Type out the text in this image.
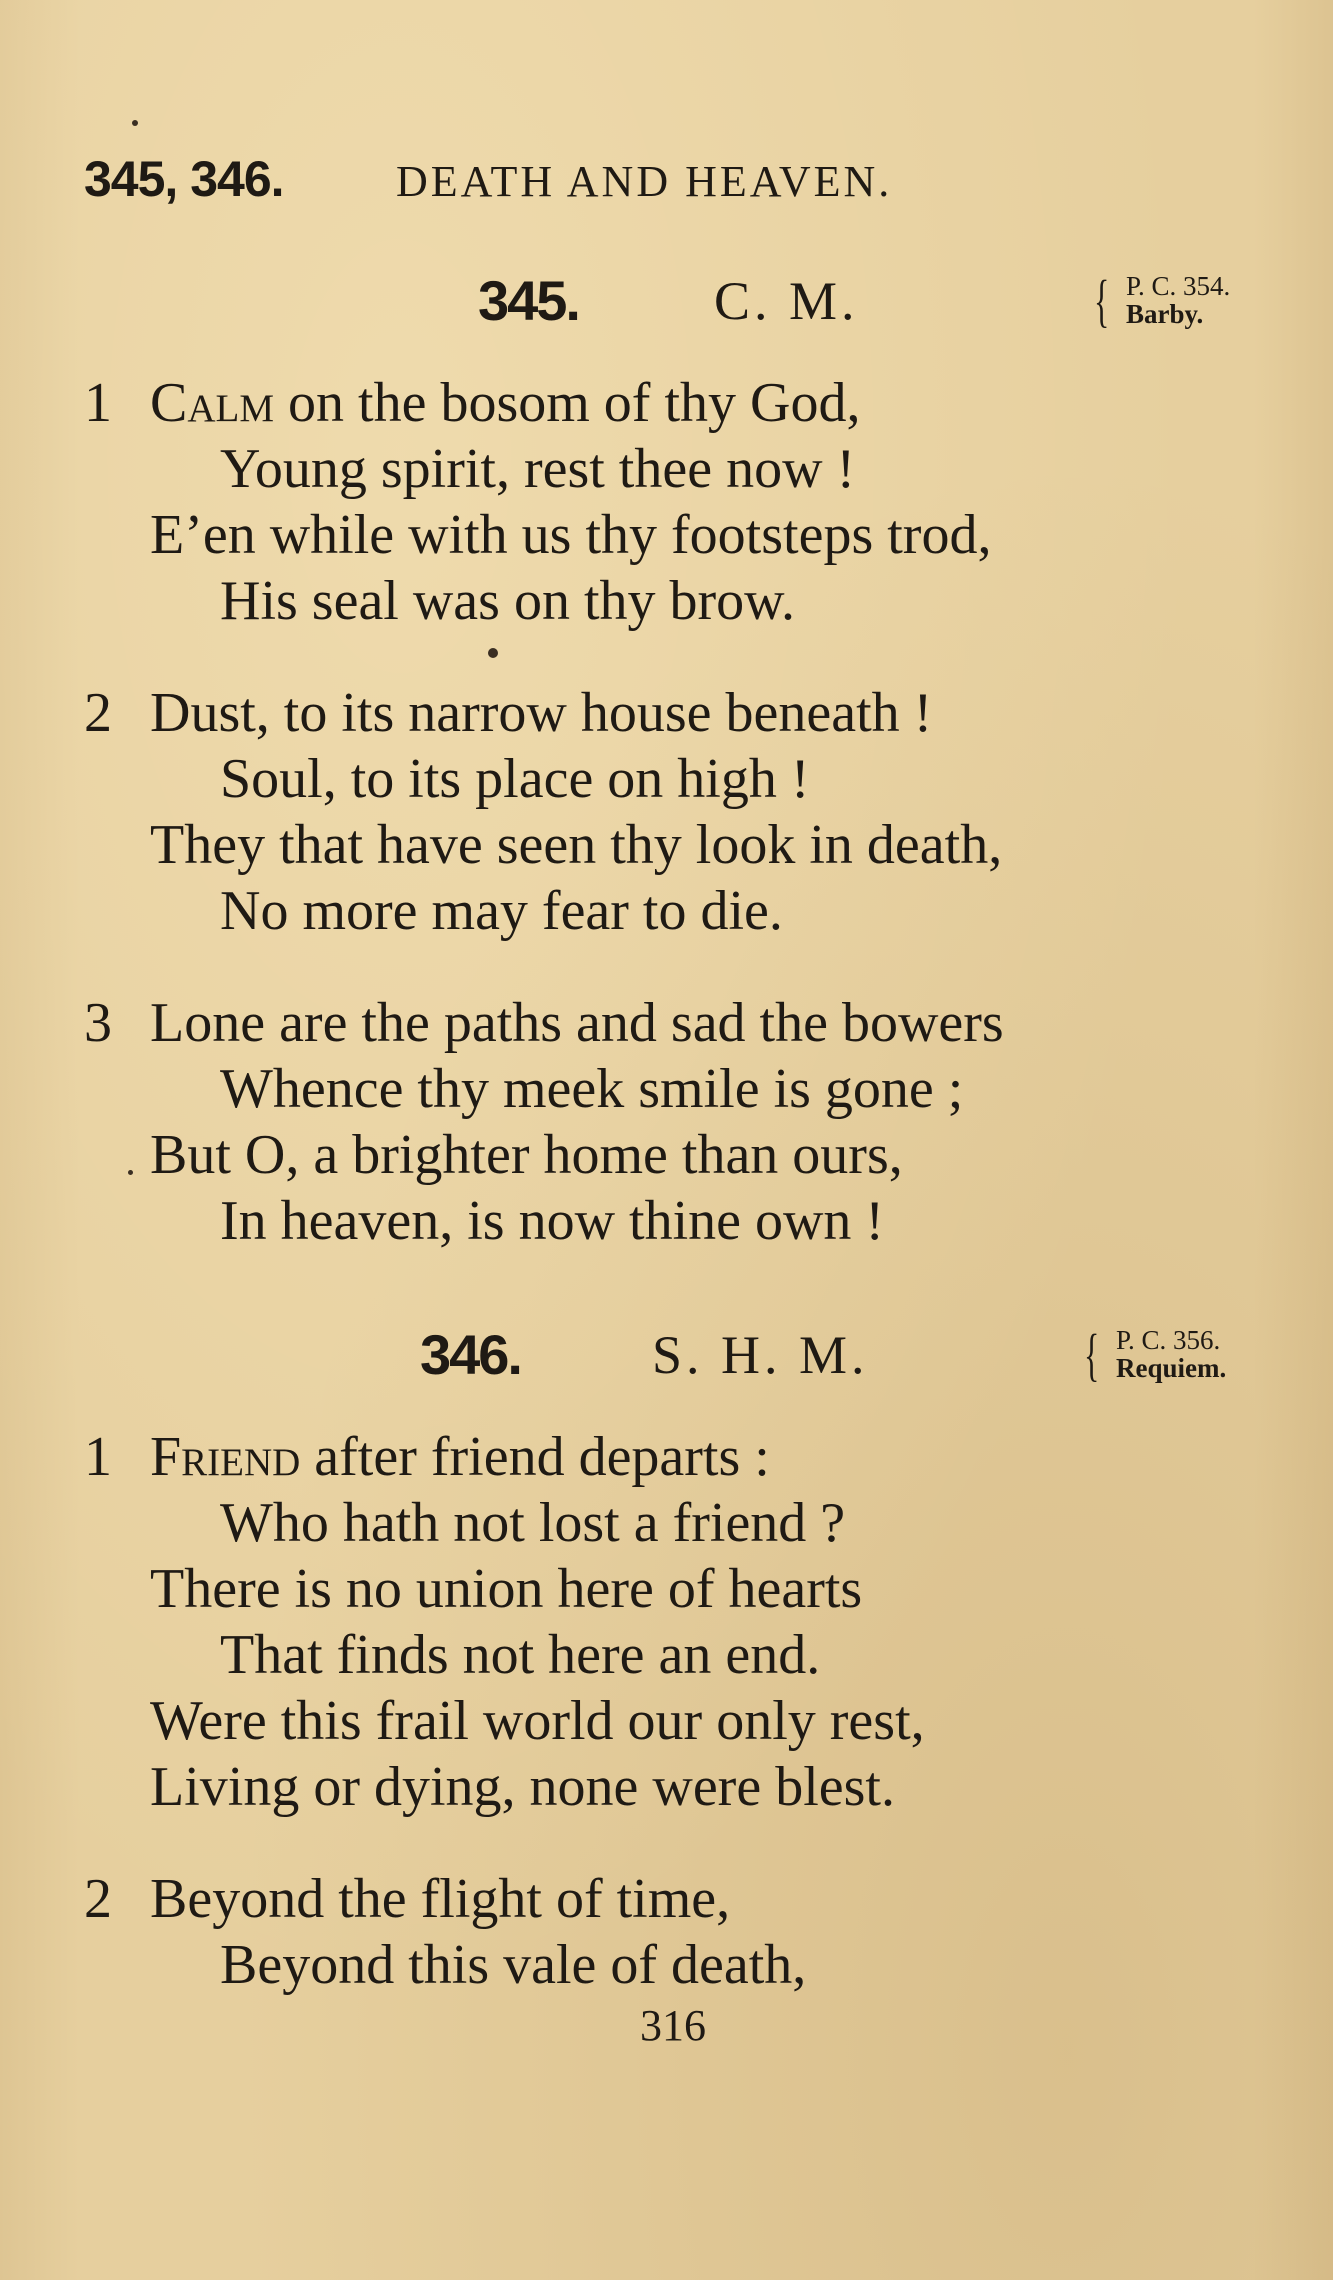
345, 346.	DEATH AND HEAVEN.
345.	C. M.	{ P. C. 354.
Barby.
1 Calm on the bosom of thy God,
Young spirit, rest thee now !
E’en while with us thy footsteps trod,
His seal was on thy brow.
2 Dust, to its narrow house beneath !
Soul, to its place on high !
They that have seen thy look in death,
No more may fear to die.
3 Lone are the paths and sad the bowers
Whence thy meek smile is gone ;
But O, a brighter home than ours,
In heaven, is now thine own !
346. S. H. M.	{ P. C. 356.
Requiem.
1 Friend after friend departs :
Who hath not lost a friend ?
There is no union here of hearts
That finds not here an end.
Were this frail world our only rest,
Living or dying, none were blest.
2 Beyond the flight of time,
Beyond this vale of death,
316
